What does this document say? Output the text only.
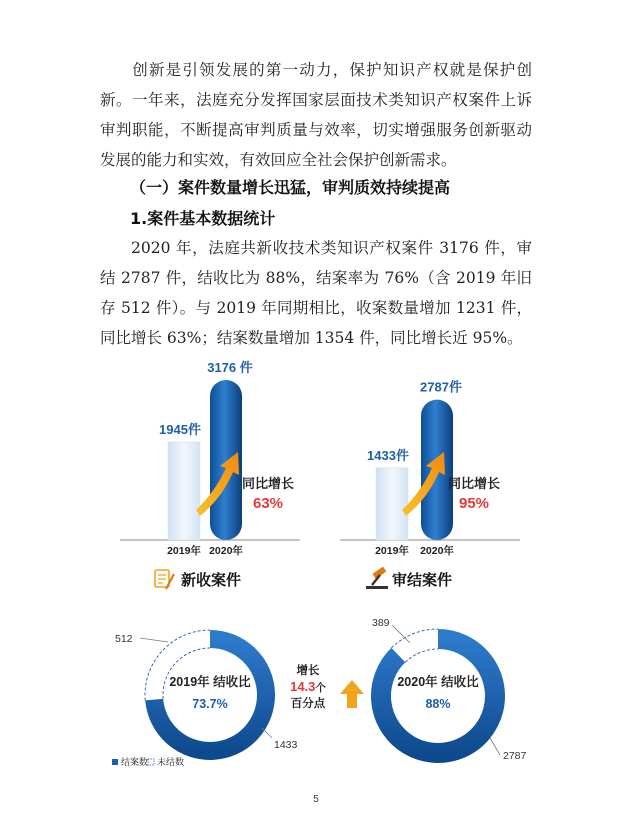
创新是引领发展的第一动力，保护知识产权就是保护创新。一年来，法庭充分发挥国家层面技术类知识产权案件上诉审判职能，不断提高审判质量与效率，切实增强服务创新驱动发展的能力和实效，有效回应全社会保护创新需求。

（一）案件数量增长迅猛，审判质效持续提高
1.案件基本数据统计

2020 年，法庭共新收技术类知识产权案件 3176 件，审结 2787 件，结收比为 88%，结案率为 76%（含 2019 年旧存 512 件）。与 2019 年同期相比，收案数量增加 1231 件，同比增长 63%；结案数量增加 1354 件，同比增长近 95%。

1945件
3176 件
1433件
2787件
2019年 2020年	2019年 2020年
同比增长
63%
同比增长
95%
新收案件	审结案件
2019年 结收比
73.7%
2020年 结收比
88%
512
1433
389
2787
增长
14.3个
百分点
结案数 未结数
5
